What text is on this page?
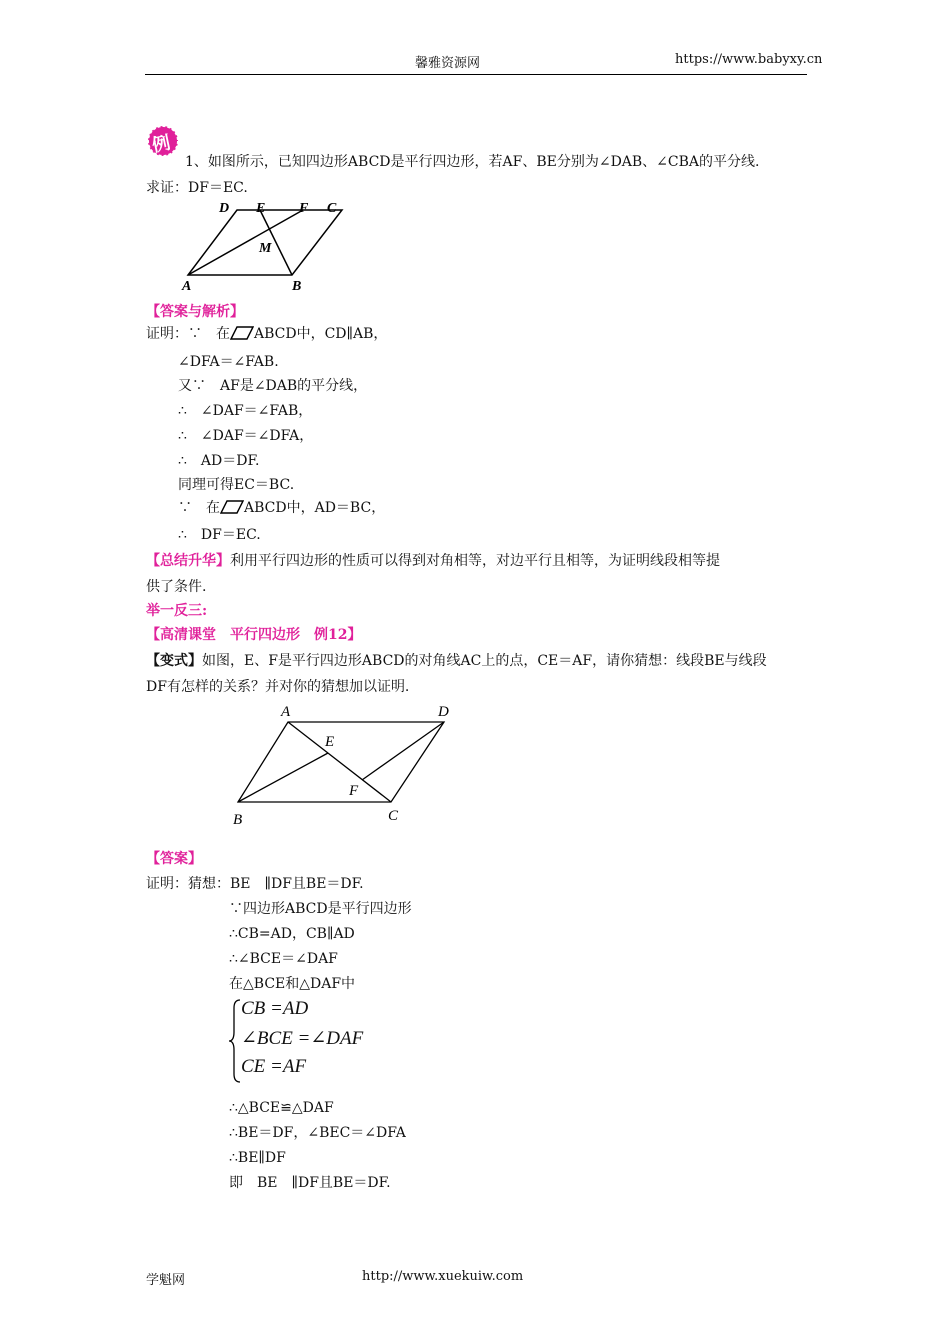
馨雅资源网	https://www.babyxy.cn
例
1、如图所示，已知四边形ABCD是平行四边形，若AF、BE分别为∠DAB、∠CBA的平分线.
求证：DF＝EC.
D E F C
M
A	B
【答案与解析】
证明：∵　在 ABCD中，CD∥AB，
∠DFA＝∠FAB.
又∵　AF是∠DAB的平分线，
∴　∠DAF＝∠FAB，
∴　∠DAF＝∠DFA，
∴　AD＝DF.
同理可得EC＝BC.
∵　在 ABCD中，AD＝BC，
∴　DF＝EC.
【总结升华】利用平行四边形的性质可以得到对角相等，对边平行且相等，为证明线段相等提
供了条件.
举一反三:
【高清课堂　平行四边形　例12】
【变式】如图，E、F是平行四边形ABCD的对角线AC上的点，CE＝AF，请你猜想：线段BE与线段
DF有怎样的关系？并对你的猜想加以证明.
A	D
E
F
B	C
【答案】
证明：猜想：BE　∥DF且BE＝DF.
∵四边形ABCD是平行四边形
∴CB=AD，CB∥AD
∴∠BCE＝∠DAF
在△BCE和△DAF中
CB =AD
∠BCE =∠DAF
CE =AF
∴△BCE≌△DAF
∴BE＝DF，∠BEC＝∠DFA
∴BE∥DF
即　BE　∥DF且BE＝DF.
学魁网	http://www.xuekuiw.com
